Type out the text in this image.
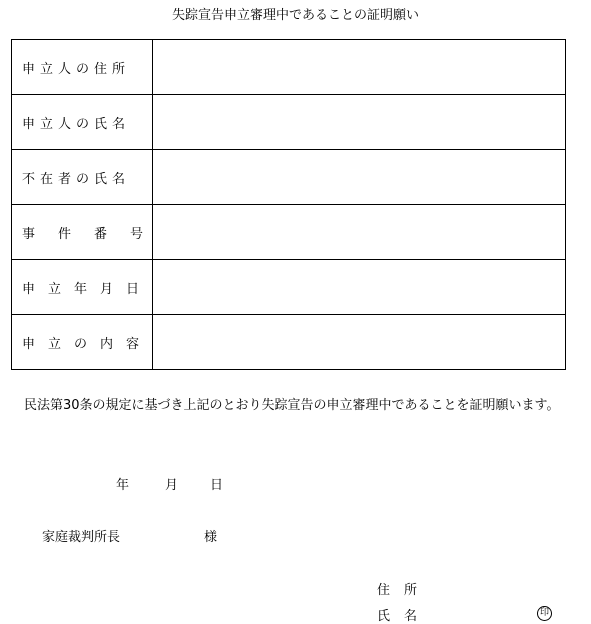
失踪宣告申立審理中であることの証明願い
申立人の住所	
申立人の氏名	
不在者の氏名	
事件番号	
申立年月日	
申立の内容	
民法第30条の規定に基づき上記のとおり失踪宣告の申立審理中であることを証明願います。
年	月 日
家庭裁判所長	様
住所
氏名	印
